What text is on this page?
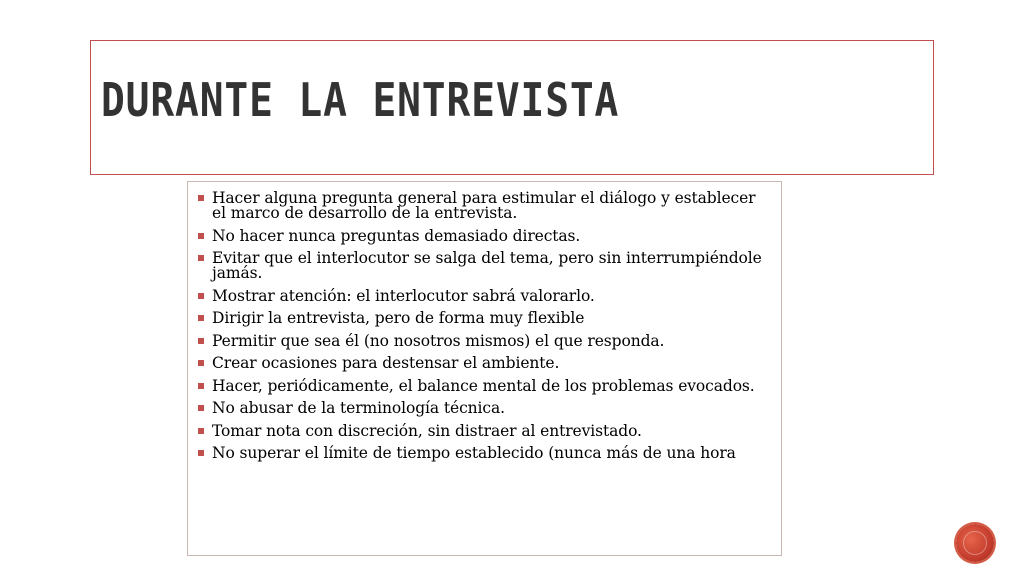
DURANTE LA ENTREVISTA
Hacer alguna pregunta general para estimular el diálogo y establecer el marco de desarrollo de la entrevista.
No hacer nunca preguntas demasiado directas.
Evitar que el interlocutor se salga del tema, pero sin interrumpiéndole jamás.
Mostrar atención: el interlocutor sabrá valorarlo.
Dirigir la entrevista, pero de forma muy flexible
Permitir que sea él (no nosotros mismos) el que responda.
Crear ocasiones para destensar el ambiente.
Hacer, periódicamente, el balance mental de los problemas evocados.
No abusar de la terminología técnica.
Tomar nota con discreción, sin distraer al entrevistado.
No superar el límite de tiempo establecido (nunca más de una hora
